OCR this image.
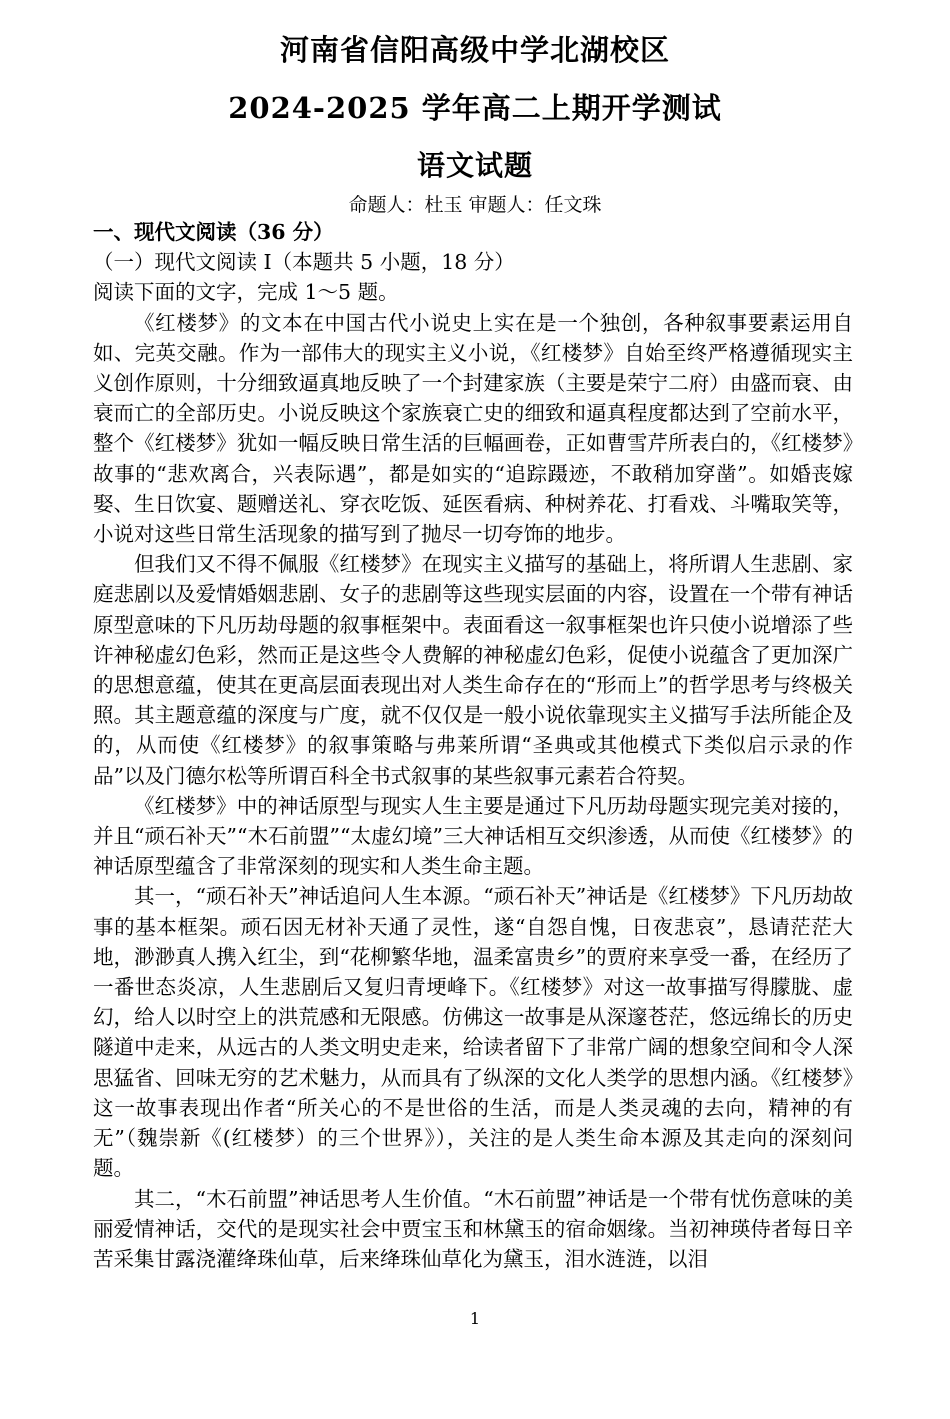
河南省信阳高级中学北湖校区
2024-2025 学年高二上期开学测试
语文试题
命题人：杜玉 审题人：任文珠

一、现代文阅读（36 分）

（一）现代文阅读 I（本题共 5 小题，18 分）

阅读下面的文字，完成 1～5 题。

《红楼梦》的文本在中国古代小说史上实在是一个独创，各种叙事要素运用自如、完英交融。作为一部伟大的现实主义小说，《红楼梦》自始至终严格遵循现实主义创作原则，十分细致逼真地反映了一个封建家族（主要是荣宁二府）由盛而衰、由衰而亡的全部历史。小说反映这个家族衰亡史的细致和逼真程度都达到了空前水平，整个《红楼梦》犹如一幅反映日常生活的巨幅画卷，正如曹雪芹所表白的，《红楼梦》故事的“悲欢离合，兴表际遇”，都是如实的“追踪蹑迹，不敢稍加穿凿”。如婚丧嫁娶、生日饮宴、题赠送礼、穿衣吃饭、延医看病、种树养花、打看戏、斗嘴取笑等，小说对这些日常生活现象的描写到了抛尽一切夸饰的地步。

但我们又不得不佩服《红楼梦》在现实主义描写的基础上，将所谓人生悲剧、家庭悲剧以及爱情婚姻悲剧、女子的悲剧等这些现实层面的内容，设置在一个带有神话原型意味的下凡历劫母题的叙事框架中。表面看这一叙事框架也许只使小说增添了些许神秘虚幻色彩，然而正是这些令人费解的神秘虚幻色彩，促使小说蕴含了更加深广的思想意蕴，使其在更高层面表现出对人类生命存在的“形而上”的哲学思考与终极关照。其主题意蕴的深度与广度，就不仅仅是一般小说依靠现实主义描写手法所能企及的，从而使《红楼梦》的叙事策略与弗莱所谓“圣典或其他模式下类似启示录的作品”以及门德尔松等所谓百科全书式叙事的某些叙事元素若合符契。

《红楼梦》中的神话原型与现实人生主要是通过下凡历劫母题实现完美对接的，并且“顽石补天”“木石前盟”“太虚幻境”三大神话相互交织渗透，从而使《红楼梦》的神话原型蕴含了非常深刻的现实和人类生命主题。

其一，“顽石补天”神话追问人生本源。“顽石补天”神话是《红楼梦》下凡历劫故事的基本框架。顽石因无材补天通了灵性，遂“自怨自愧，日夜悲哀”，恳请茫茫大地，渺渺真人携入红尘，到“花柳繁华地，温柔富贵乡”的贾府来享受一番，在经历了一番世态炎凉，人生悲剧后又复归青埂峰下。《红楼梦》对这一故事描写得朦胧、虚幻，给人以时空上的洪荒感和无限感。仿佛这一故事是从深邃苍茫，悠远绵长的历史隧道中走来，从远古的人类文明史走来，给读者留下了非常广阔的想象空间和令人深思猛省、回味无穷的艺术魅力，从而具有了纵深的文化人类学的思想内涵。《红楼梦》这一故事表现出作者“所关心的不是世俗的生活，而是人类灵魂的去向，精神的有无”（魏崇新《(红楼梦）的三个世界》），关注的是人类生命本源及其走向的深刻问题。

其二，“木石前盟”神话思考人生价值。“木石前盟”神话是一个带有忧伤意味的美丽爱情神话，交代的是现实社会中贾宝玉和林黛玉的宿命姻缘。当初神瑛侍者每日辛苦采集甘露浇灌绛珠仙草，后来绛珠仙草化为黛玉，泪水涟涟，以泪

1
